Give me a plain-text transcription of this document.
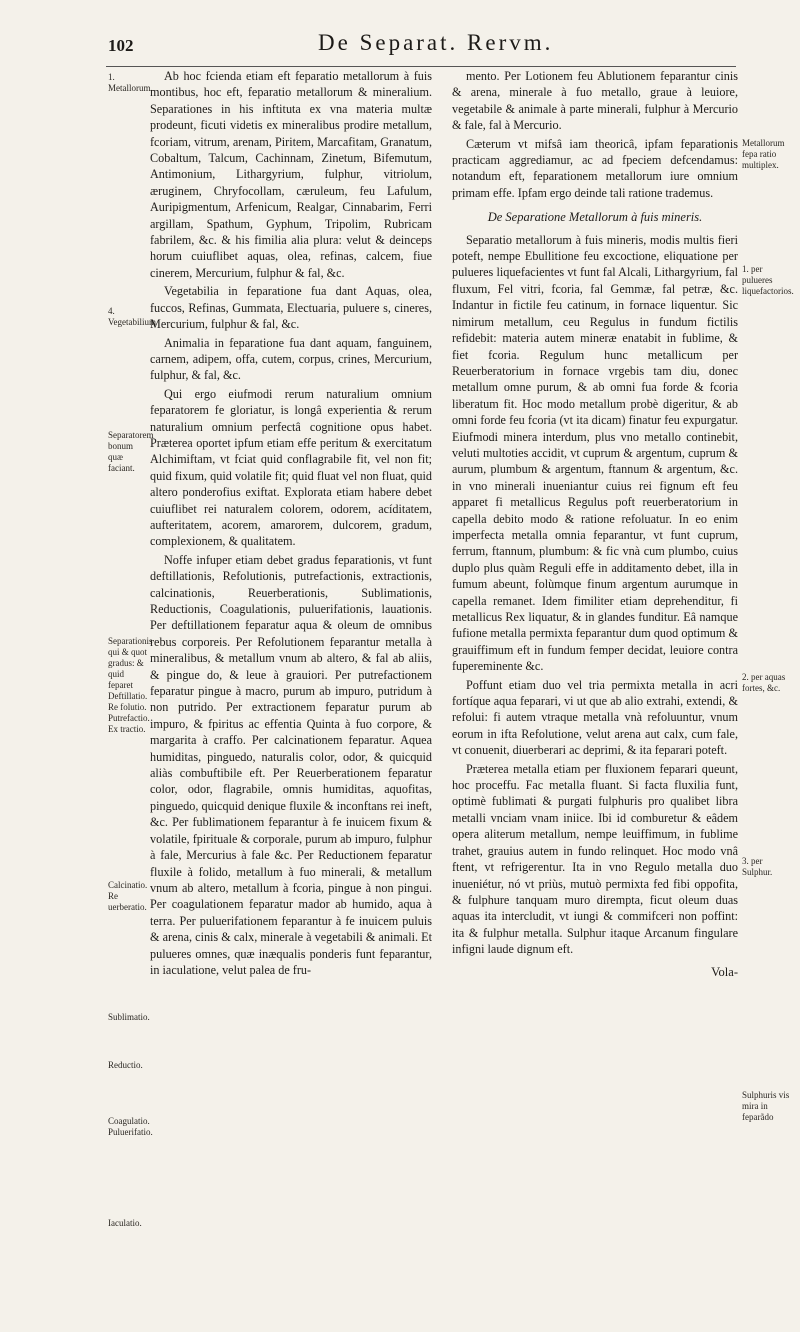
102	De Separat. Rervm.
1. Metallorum.
4. Vegetabilium
Separatorem bonum quæ faciant.
Separationis qui & quot gradus: & quid feparet Deftillatio. Re folutio. Putrefactio. Ex tractio.
Calcinatio. Re uerberatio.
Sublimatio.
Reductio.
Coagulatio. Puluerifatio.
Iaculatio.

Ab hoc fcienda etiam eft feparatio metallorum à fuis montibus, hoc eft, feparatio metallorum & mineralium. Separationes in his inftituta ex vna materia multæ prodeunt, ficuti videtis ex mineralibus prodire metallum, fcoriam, vitrum, arenam, Piritem, Marcafitam, Granatum, Cobaltum, Talcum, Cachinnam, Zinetum, Bifemutum, Antimonium, Lithargyrium, fulphur, vitriolum, æruginem, Chryfocollam, cæruleum, feu Lafulum, Auripigmentum, Arfenicum, Realgar, Cinnabarim, Ferri argillam, Spathum, Gyphum, Tripolim, Rubricam fabrilem, &c. & his fimilia alia plura: velut & deinceps horum cuiuflibet aquas, olea, refinas, calcem, fiue cinerem, Mercurium, fulphur & fal, &c.

Vegetabilia in feparatione fua dant Aquas, olea, fuccos, Refinas, Gummata, Electuaria, puluere s, cineres, Mercurium, fulphur & fal, &c.

Animalia in feparatione fua dant aquam, fanguinem, carnem, adipem, offa, cutem, corpus, crines, Mercurium, fulphur, & fal, &c.

Qui ergo eiufmodi rerum naturalium omnium feparatorem fe gloriatur, is longâ experientia & rerum naturalium omnium perfectâ cognitione opus habet. Præterea oportet ipfum etiam effe peritum & exercitatum Alchimiftam, vt fciat quid conflagrabile fit, vel non fit; quid fixum, quid volatile fit; quid fluat vel non fluat, quid altero ponderofius exiftat. Explorata etiam habere debet cuiuflibet rei naturalem colorem, odorem, acíditatem, aufteritatem, acorem, amarorem, dulcorem, gradum, complexionem, & qualitatem.

Noffe infuper etiam debet gradus feparationis, vt funt deftillationis, Refolutionis, putrefactionis, extractionis, calcinationis, Reuerberationis, Sublimationis, Reductionis, Coagulationis, puluerifationis, lauationis. Per deftillationem feparatur aqua & oleum de omnibus rebus corporeis. Per Refolutionem feparantur metalla à mineralibus, & metallum vnum ab altero, & fal ab aliis, & pingue do, & leue à grauiori. Per putrefactionem feparatur pingue à macro, purum ab impuro, putridum à non putrido. Per extractionem feparatur purum ab impuro, & fpiritus ac effentia Quinta à fuo corpore, & margarita à craffo. Per calcinationem feparatur. Aquea humiditas, pinguedo, naturalis color, odor, & quicquid aliàs combuftibile eft. Per Reuerberationem feparatur color, odor, flagrabile, omnis humiditas, aquofitas, pinguedo, quicquid denique fluxile & inconftans rei ineft, &c. Per fublimationem feparantur à fe inuicem fixum & volatile, fpirituale & corporale, purum ab impuro, fulphur à fale, Mercurius à fale &c. Per Reductionem feparatur fluxile à folido, metallum à fuo minerali, & metallum vnum ab altero, metallum à fcoria, pingue à non pingui. Per coagulationem feparatur mador ab humido, aqua à terra. Per puluerifationem feparantur à fe inuicem puluis & arena, cinis & calx, minerale à vegetabili & animali. Et pulueres omnes, quæ inæqualis ponderis funt feparantur, in iaculatione, velut palea de fru-

mento. Per Lotionem feu Ablutionem feparantur cinis & arena, minerale à fuo metallo, graue à leuiore, vegetabile & animale à parte minerali, fulphur à Mercurio & fale, fal à Mercurio.

Cæterum vt mifsâ iam theoricâ, ipfam feparationis practicam aggrediamur, ac ad fpeciem defcendamus: notandum eft, feparationem metallorum iure omnium primam effe. Ipfam ergo deinde tali ratione trademus.

De Separatione Metallorum à fuis mineris.

Separatio metallorum à fuis mineris, modis multis fieri poteft, nempe Ebullitione feu excoctione, eliquatione per pulueres liquefacientes vt funt fal Alcali, Lithargyrium, fal fluxum, Fel vitri, fcoria, fal Gemmæ, fal petræ, &c. Indantur in fictile feu catinum, in fornace liquentur. Sic nimirum metallum, ceu Regulus in fundum fictilis refidebit: materia autem mineræ enatabit in fublime, & fiet fcoria. Regulum hunc metallicum per Reuerberatorium in fornace vrgebis tam diu, donec metallum omne purum, & ab omni fua forde & fcoria liberatum fit. Hoc modo metallum probè digeritur, & ab omni forde feu fcoria (vt ita dicam) finatur feu expurgatur. Eiufmodi minera interdum, plus vno metallo continebit, veluti multoties accidit, vt cuprum & argentum, cuprum & aurum, plumbum & argentum, ftannum & argentum, &c. in vno minerali inueniantur cuius rei fignum eft feu apparet fi metallicus Regulus poft reuerberatorium in capella debito modo & ratione refoluatur. In eo enim imperfecta metalla omnia feparantur, vt funt cuprum, ferrum, ftannum, plumbum: & fic vnà cum plumbo, cuius duplo plus quàm Reguli effe in additamento debet, illa in fumum abeunt, folùmque finum argentum aurumque in capella remanet. Idem fimiliter etiam deprehenditur, fi metallicus Rex liquatur, & in glandes funditur. Eâ namque fufione metalla permixta feparantur dum quod optimum & grauiffimum eft in fundum femper decidat, leuiore contra fupereminente &c.

Poffunt etiam duo vel tria permixta metalla in acri fortíque aqua feparari, vi ut que ab alio extrahi, extendi, & refolui: fi autem vtraque metalla vnà refoluuntur, vnum eorum in ifta Refolutione, velut arena aut calx, cum fale, vt conuenit, diuerberari ac deprimi, & ita feparari poteft.

Præterea metalla etiam per fluxionem feparari queunt, hoc proceffu. Fac metalla fluant. Si facta fluxilia funt, optimè fublimati & purgati fulphuris pro qualibet libra metalli vnciam vnam iniice. Ibi id comburetur & eâdem opera aliterum metallum, nempe leuiffimum, in fublime trahet, grauius autem in fundo relinquet. Hoc modo vnâ ftent, vt refrigerentur. Ita in vno Regulo metalla duo inueniétur, nó vt priùs, mutuò permixta fed fibi oppofita, & fulphure tanquam muro dirempta, ficut oleum duas aquas ita intercludit, vt iungi & commifceri non poffint: ita & fulphur metalla. Sulphur itaque Arcanum fingulare infigni laude dignum eft.

Vola-
Metallorum fepa ratio multiplex.
1. per pulueres liquefactorios.
2. per aquas fortes, &c.
3. per Sulphur.
Sulphuris vis mira in feparãdo
